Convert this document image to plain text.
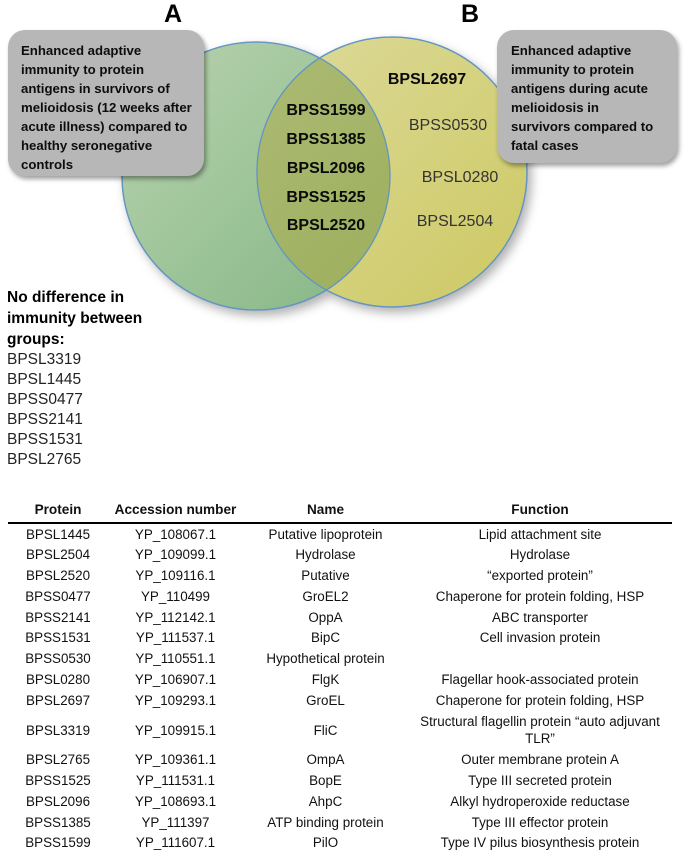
A	B
BPSL2697
BPSS1599
BPSS1385
BPSL2096
BPSS1525
BPSL2520
BPSS0530
BPSL0280
BPSL2504
Enhanced adaptive immunity to protein antigens in survivors of melioidosis (12 weeks after acute illness) compared to healthy seronegative controls
Enhanced adaptive immunity to protein antigens during acute melioidosis in survivors compared to fatal cases
No difference in immunity between groups:
BPSL3319
BPSL1445
BPSS0477
BPSS2141
BPSS1531
BPSL2765
Protein	Accession number	Name	Function
BPSL1445	YP_108067.1	Putative lipoprotein	Lipid attachment site
BPSL2504	YP_109099.1	Hydrolase	Hydrolase
BPSL2520	YP_109116.1	Putative	“exported protein”
BPSS0477	YP_110499	GroEL2	Chaperone for protein folding, HSP
BPSS2141	YP_112142.1	OppA	ABC transporter
BPSS1531	YP_111537.1	BipC	Cell invasion protein
BPSS0530	YP_110551.1	Hypothetical protein	
BPSL0280	YP_106907.1	FlgK	Flagellar hook-associated protein
BPSL2697	YP_109293.1	GroEL	Chaperone for protein folding, HSP
BPSL3319	YP_109915.1	FliC	Structural flagellin protein “auto adjuvant TLR”
BPSL2765	YP_109361.1	OmpA	Outer membrane protein A
BPSS1525	YP_111531.1	BopE	Type III secreted protein
BPSL2096	YP_108693.1	AhpC	Alkyl hydroperoxide reductase
BPSS1385	YP_111397	ATP binding protein	Type III effector protein
BPSS1599	YP_111607.1	PilO	Type IV pilus biosynthesis protein
